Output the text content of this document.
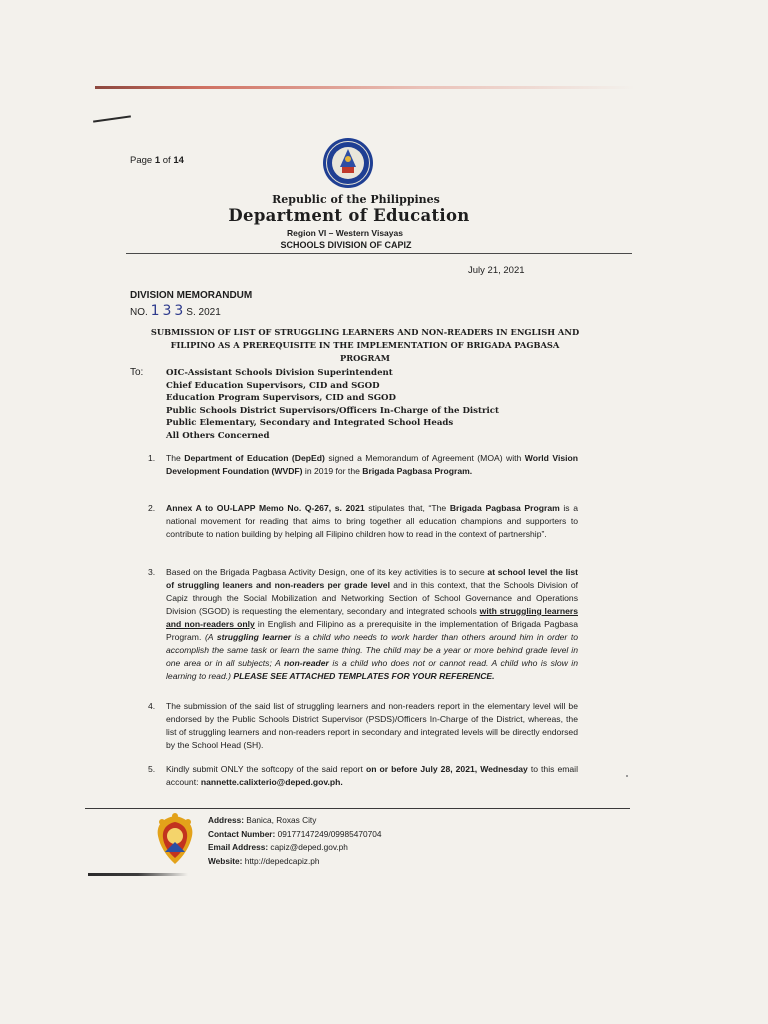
Page 1 of 14
Republic of the Philippines
Department of Education
Region VI – Western Visayas
SCHOOLS DIVISION OF CAPIZ
July 21, 2021
DIVISION MEMORANDUM
NO. 133S. 2021
SUBMISSION OF LIST OF STRUGGLING LEARNERS AND NON-READERS IN ENGLISH AND
FILIPINO AS A PREREQUISITE IN THE IMPLEMENTATION OF BRIGADA PAGBASA PROGRAM
To:	OIC-Assistant Schools Division Superintendent
Chief Education Supervisors, CID and SGOD
Education Program Supervisors, CID and SGOD
Public Schools District Supervisors/Officers In-Charge of the District
Public Elementary, Secondary and Integrated School Heads
All Others Concerned
1. The Department of Education (DepEd) signed a Memorandum of Agreement (MOA) with World Vision Development Foundation (WVDF) in 2019 for the Brigada Pagbasa Program.
2. Annex A to OU-LAPP Memo No. Q-267, s. 2021 stipulates that, “The Brigada Pagbasa Program is a national movement for reading that aims to bring together all education champions and supporters to contribute to nation building by helping all Filipino children how to read in the context of partnership”.
3. Based on the Brigada Pagbasa Activity Design, one of its key activities is to secure at school level the list of struggling leaners and non-readers per grade level and in this context, that the Schools Division of Capiz through the Social Mobilization and Networking Section of School Governance and Operations Division (SGOD) is requesting the elementary, secondary and integrated schools with struggling learners and non-readers only in English and Filipino as a prerequisite in the implementation of Brigada Pagbasa Program. (A struggling learner is a child who needs to work harder than others around him in order to accomplish the same task or learn the same thing. The child may be a year or more behind grade level in one area or in all subjects; A non-reader is a child who does not or cannot read. A child who is slow in learning to read.) PLEASE SEE ATTACHED TEMPLATES FOR YOUR REFERENCE.
4. The submission of the said list of struggling learners and non-readers report in the elementary level will be endorsed by the Public Schools District Supervisor (PSDS)/Officers In-Charge of the District, whereas, the list of struggling learners and non-readers report in secondary and integrated levels will be directly endorsed by the School Head (SH).
5. Kindly submit ONLY the softcopy of the said report on or before July 28, 2021, Wednesday to this email account: nannette.calixterio@deped.gov.ph.
Address: Banica, Roxas City
Contact Number: 09177147249/09985470704
Email Address: capiz@deped.gov.ph
Website: http://depedcapiz.ph
